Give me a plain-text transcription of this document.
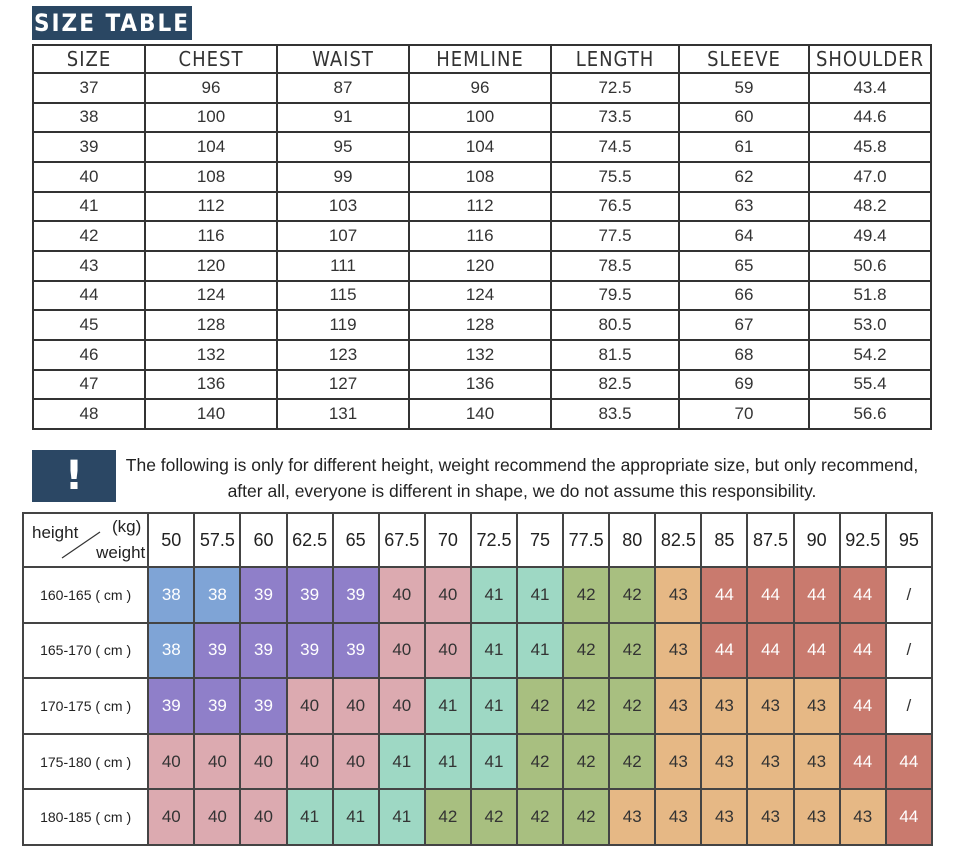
SIZE TABLE
SIZE	CHEST	WAIST	HEMLINE	LENGTH	SLEEVE	SHOULDER
37	96	87	96	72.5	59	43.4
38	100	91	100	73.5	60	44.6
39	104	95	104	74.5	61	45.8
40	108	99	108	75.5	62	47.0
41	112	103	112	76.5	63	48.2
42	116	107	116	77.5	64	49.4
43	120	111	120	78.5	65	50.6
44	124	115	124	79.5	66	51.8
45	128	119	128	80.5	67	53.0
46	132	123	132	81.5	68	54.2
47	136	127	136	82.5	69	55.4
48	140	131	140	83.5	70	56.6
!	The following is only for different height, weight recommend the appropriate size, but only recommend, after all, everyone is different in shape, we do not assume this responsibility.
height (kg)
weight	50	57.5	60	62.5	65	67.5	70	72.5	75	77.5	80	82.5	85	87.5	90	92.5	95
160-165 ( cm )	38	38	39	39	39	40	40	41	41	42	42	43	44	44	44	44	/
165-170 ( cm )	38	39	39	39	39	40	40	41	41	42	42	43	44	44	44	44	/
170-175 ( cm )	39	39	39	40	40	40	41	41	42	42	42	43	43	43	43	44	/
175-180 ( cm )	40	40	40	40	40	41	41	41	42	42	42	43	43	43	43	44	44
180-185 ( cm )	40	40	40	41	41	41	42	42	42	42	43	43	43	43	43	43	44
